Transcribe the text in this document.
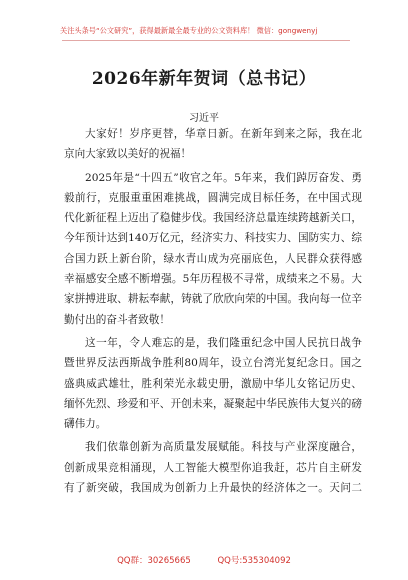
关注头条号“公文研究”，获得最新最全最专业的公文资料库！ 微信：gongwenyj
2026年新年贺词（总书记）
习近平
大家好！岁序更替，华章日新。在新年到来之际，我在北
京向大家致以美好的祝福！
2025年是“十四五”收官之年。5年来，我们踔厉奋发、勇
毅前行，克服重重困难挑战，圆满完成目标任务，在中国式现
代化新征程上迈出了稳健步伐。我国经济总量连续跨越新关口，
今年预计达到140万亿元，经济实力、科技实力、国防实力、综
合国力跃上新台阶，绿水青山成为亮丽底色，人民群众获得感
幸福感安全感不断增强。5年历程极不寻常，成绩来之不易。大
家拼搏进取、耕耘奉献，铸就了欣欣向荣的中国。我向每一位辛
勤付出的奋斗者致敬！
这一年，令人难忘的是，我们隆重纪念中国人民抗日战争
暨世界反法西斯战争胜利80周年，设立台湾光复纪念日。国之
盛典威武雄壮，胜利荣光永载史册，激励中华儿女铭记历史、
缅怀先烈、珍爱和平、开创未来，凝聚起中华民族伟大复兴的磅
礴伟力。
我们依靠创新为高质量发展赋能。科技与产业深度融合，
创新成果竞相涌现，人工智能大模型你追我赶，芯片自主研发
有了新突破，我国成为创新力上升最快的经济体之一。天问二
QQ群：30265665	QQ号:535304092
